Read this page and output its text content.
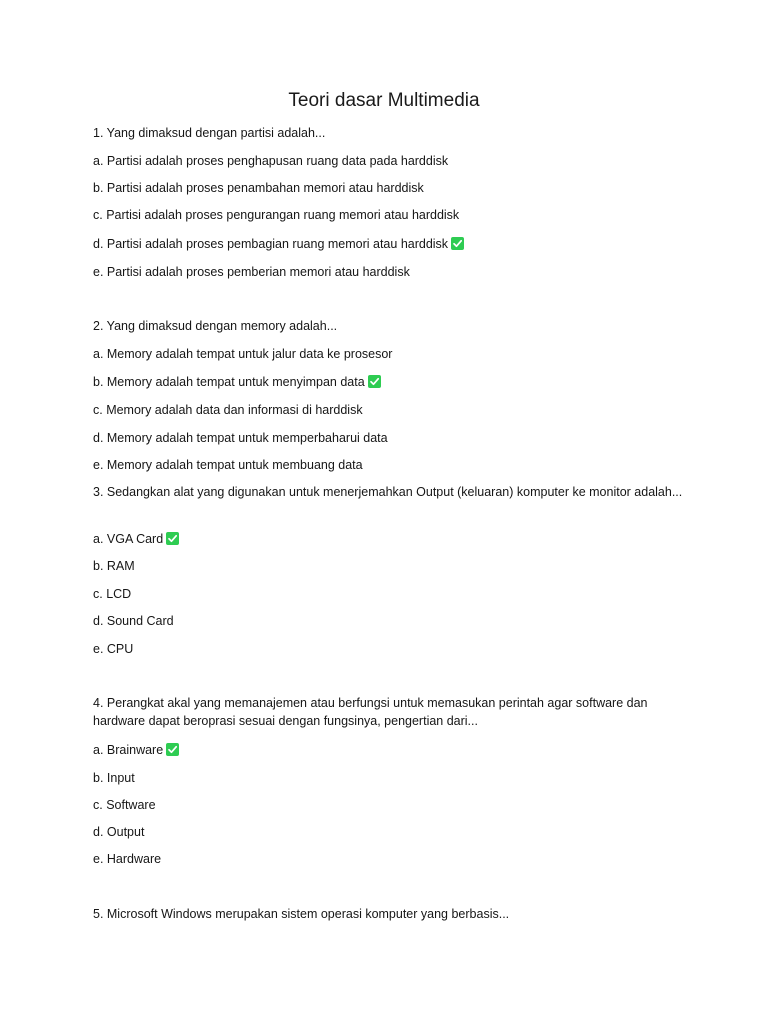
Teori dasar Multimedia
1. Yang dimaksud dengan partisi adalah...
a. Partisi adalah proses penghapusan ruang data pada harddisk
b. Partisi adalah proses penambahan memori atau harddisk
c. Partisi adalah proses pengurangan ruang memori atau harddisk
d. Partisi adalah proses pembagian ruang memori atau harddisk
e. Partisi adalah proses pemberian memori atau harddisk
2. Yang dimaksud dengan memory adalah...
a. Memory adalah tempat untuk jalur data ke prosesor
b. Memory adalah tempat untuk menyimpan data
c. Memory adalah data dan informasi di harddisk
d. Memory adalah tempat untuk memperbaharui data
e. Memory adalah tempat untuk membuang data
3. Sedangkan alat yang digunakan untuk menerjemahkan Output (keluaran) komputer ke monitor adalah...
a. VGA Card
b. RAM
c. LCD
d. Sound Card
e. CPU
4. Perangkat akal yang memanajemen atau berfungsi untuk memasukan perintah agar software dan hardware dapat beroprasi sesuai dengan fungsinya, pengertian dari...
a. Brainware
b. Input
c. Software
d. Output
e. Hardware
5. Microsoft Windows merupakan sistem operasi komputer yang berbasis...
